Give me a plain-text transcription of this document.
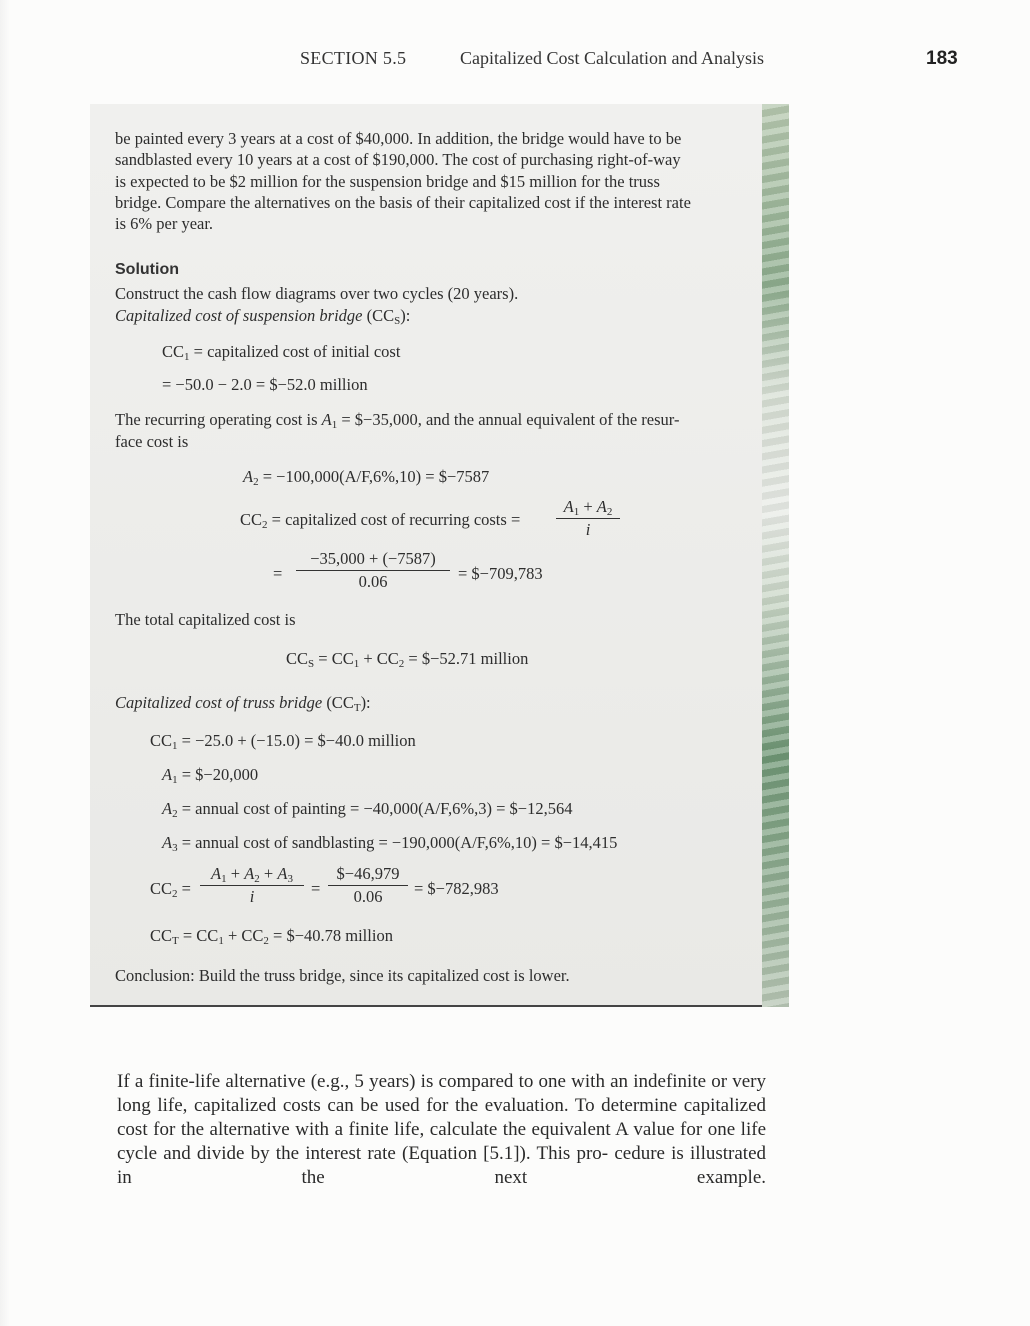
SECTION 5.5	Capitalized Cost Calculation and Analysis	183
be painted every 3 years at a cost of $40,000. In addition, the bridge would have to be
sandblasted every 10 years at a cost of $190,000. The cost of purchasing right-of-way
is expected to be $2 million for the suspension bridge and $15 million for the truss
bridge. Compare the alternatives on the basis of their capitalized cost if the interest rate
is 6% per year.
Solution
Construct the cash flow diagrams over two cycles (20 years).
Capitalized cost of suspension bridge $(CC_S)$:
$CC_1$ = capitalized cost of initial cost
= −50.0 − 2.0 = $−52.0 million
The recurring operating cost is $A_1$ = $−35,000, and the annual equivalent of the resur-
face cost is
$A_2 = -100,000(A/F,6\%,10)$ = $−7587
$CC_2$ = capitalized cost of recurring costs =
$A_1 + A_2$
i
=
−35,000 + (−7587)
0.06	= $−709,783
The total capitalized cost is
$CC_S = CC_1 + CC_2$ = $−52.71 million
Capitalized cost of truss bridge $(CC_T)$:
$CC_1 = -25.0 + (-15.0)$ = $−40.0 million
$A_1$ = $−20,000
$A_2$ = annual cost of painting = −40,000(A/F,6%,3) = $−12,564
$A_3$ = annual cost of sandblasting = −190,000(A/F,6%,10) = $−14,415
$CC_2$ =
$A_1 + A_2 + A_3$
i	=
$−46,979
0.06	= $−782,983
$CC_T = CC_1 + CC_2$ = $−40.78 million
Conclusion: Build the truss bridge, since its capitalized cost is lower.
If a finite-life alternative (e.g., 5 years) is compared to one with an indefinite or very long life, capitalized costs can be used for the evaluation. To determine capitalized cost for the alternative with a finite life, calculate the equivalent A value for one life cycle and divide by the interest rate (Equation [5.1]). This pro- cedure is illustrated in the next example.
